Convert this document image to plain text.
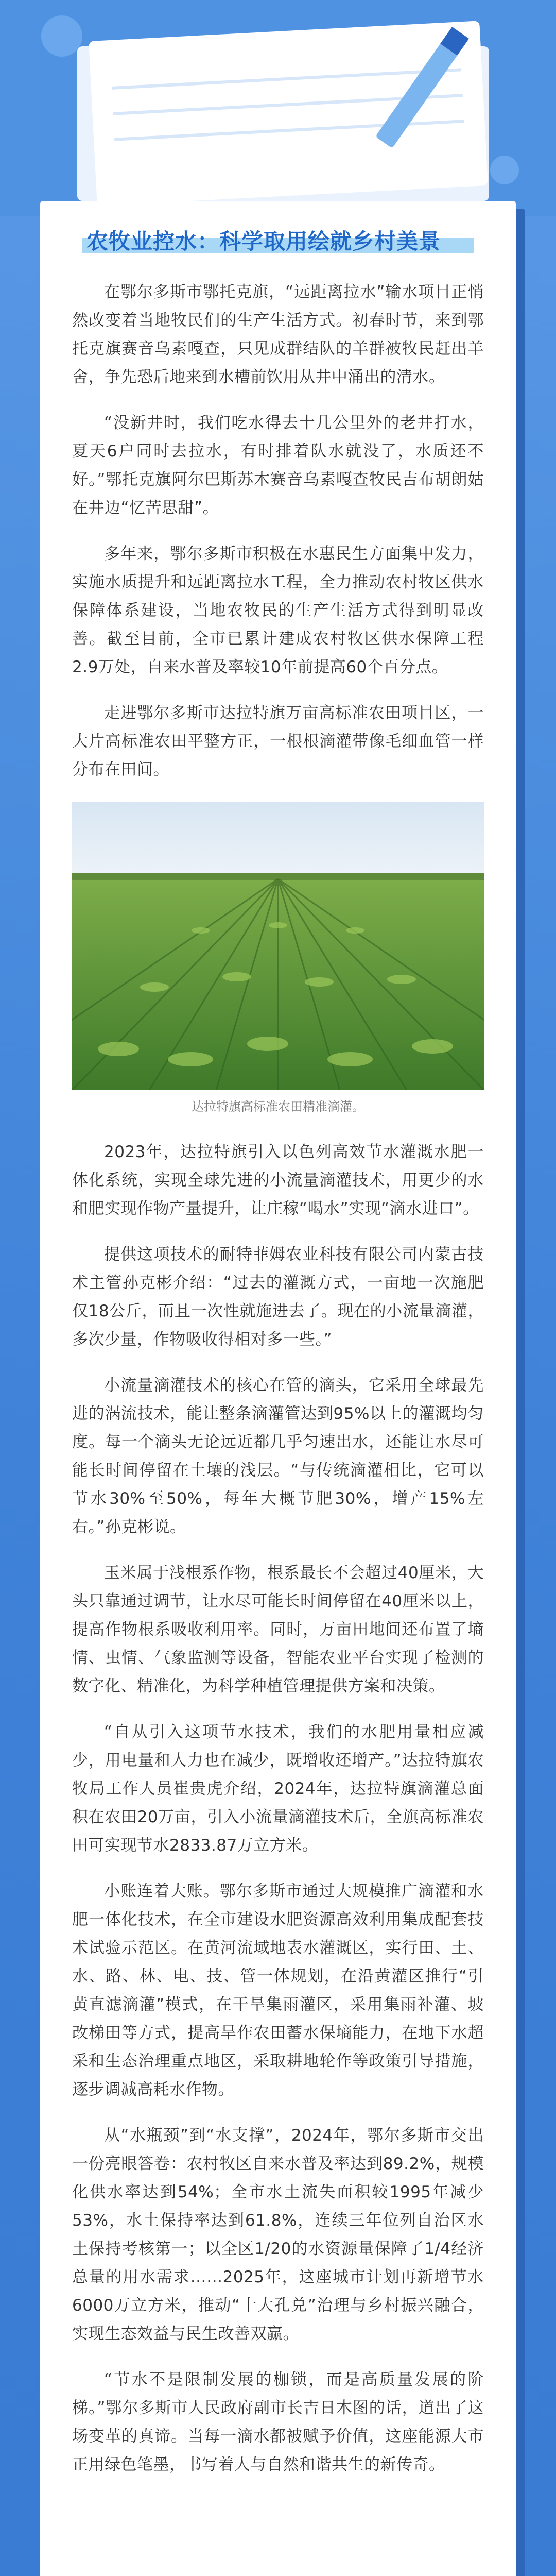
农牧业控水：科学取用绘就乡村美景

在鄂尔多斯市鄂托克旗，“远距离拉水”输水项目正悄然改变着当地牧民们的生产生活方式。初春时节，来到鄂托克旗赛音乌素嘎查，只见成群结队的羊群被牧民赶出羊舍，争先恐后地来到水槽前饮用从井中涌出的清水。

“没新井时，我们吃水得去十几公里外的老井打水，夏天6户同时去拉水，有时排着队水就没了，水质还不好。”鄂托克旗阿尔巴斯苏木赛音乌素嘎查牧民吉布胡朗姑在井边“忆苦思甜”。

多年来，鄂尔多斯市积极在水惠民生方面集中发力，实施水质提升和远距离拉水工程，全力推动农村牧区供水保障体系建设，当地农牧民的生产生活方式得到明显改善。截至目前，全市已累计建成农村牧区供水保障工程2.9万处，自来水普及率较10年前提高60个百分点。

走进鄂尔多斯市达拉特旗万亩高标准农田项目区，一大片高标准农田平整方正，一根根滴灌带像毛细血管一样分布在田间。

达拉特旗高标准农田精准滴灌。

2023年，达拉特旗引入以色列高效节水灌溉水肥一体化系统，实现全球先进的小流量滴灌技术，用更少的水和肥实现作物产量提升，让庄稼“喝水”实现“滴水进口”。

提供这项技术的耐特菲姆农业科技有限公司内蒙古技术主管孙克彬介绍：“过去的灌溉方式，一亩地一次施肥仅18公斤，而且一次性就施进去了。现在的小流量滴灌，多次少量，作物吸收得相对多一些。”

小流量滴灌技术的核心在管的滴头，它采用全球最先进的涡流技术，能让整条滴灌管达到95%以上的灌溉均匀度。每一个滴头无论远近都几乎匀速出水，还能让水尽可能长时间停留在土壤的浅层。“与传统滴灌相比，它可以节水30%至50%，每年大概节肥30%，增产15%左右。”孙克彬说。

玉米属于浅根系作物，根系最长不会超过40厘米，大头只靠通过调节，让水尽可能长时间停留在40厘米以上，提高作物根系吸收利用率。同时，万亩田地间还布置了墒情、虫情、气象监测等设备，智能农业平台实现了检测的数字化、精准化，为科学种植管理提供方案和决策。

“自从引入这项节水技术，我们的水肥用量相应减少，用电量和人力也在减少，既增收还增产。”达拉特旗农牧局工作人员崔贵虎介绍，2024年，达拉特旗滴灌总面积在农田20万亩，引入小流量滴灌技术后，全旗高标准农田可实现节水2833.87万立方米。

小账连着大账。鄂尔多斯市通过大规模推广滴灌和水肥一体化技术，在全市建设水肥资源高效利用集成配套技术试验示范区。在黄河流域地表水灌溉区，实行田、土、水、路、林、电、技、管一体规划，在沿黄灌区推行“引黄直滤滴灌”模式，在干旱集雨灌区，采用集雨补灌、坡改梯田等方式，提高旱作农田蓄水保墒能力，在地下水超采和生态治理重点地区，采取耕地轮作等政策引导措施，逐步调减高耗水作物。

从“水瓶颈”到“水支撑”，2024年，鄂尔多斯市交出一份亮眼答卷：农村牧区自来水普及率达到89.2%，规模化供水率达到54%；全市水土流失面积较1995年减少53%，水土保持率达到61.8%，连续三年位列自治区水土保持考核第一；以全区1/20的水资源量保障了1/4经济总量的用水需求……2025年，这座城市计划再新增节水6000万立方米，推动“十大孔兑”治理与乡村振兴融合，实现生态效益与民生改善双赢。

“节水不是限制发展的枷锁，而是高质量发展的阶梯。”鄂尔多斯市人民政府副市长吉日木图的话，道出了这场变革的真谛。当每一滴水都被赋予价值，这座能源大市正用绿色笔墨，书写着人与自然和谐共生的新传奇。
